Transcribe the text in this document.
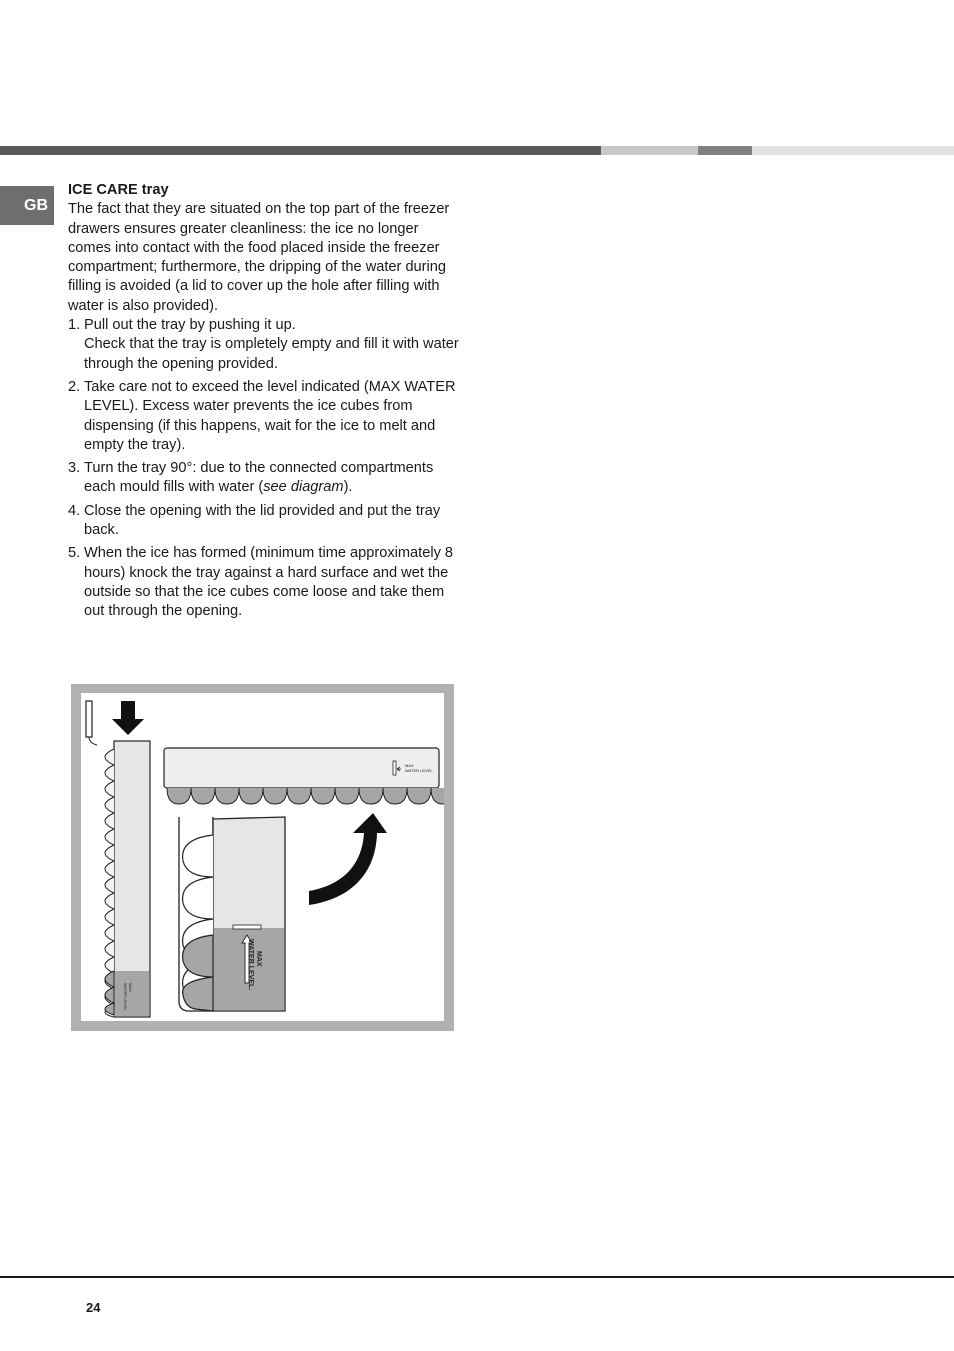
GB
ICE CARE tray

The fact that they are situated on the top part of the freezer drawers ensures greater cleanliness: the ice no longer comes into contact with the food placed inside the freezer compartment; furthermore, the dripping of the water during filling is avoided (a lid to cover up the hole after filling with water is also provided).

1. Pull out the tray by pushing it up.
Check that the tray is ompletely empty and fill it with water through the opening provided.
2. Take care not to exceed the level indicated (MAX WATER LEVEL). Excess water prevents the ice cubes from dispensing (if this happens, wait for the ice to melt and empty the tray).
3. Turn the tray 90°: due to the connected compartments each mould fills with water (see diagram).
4. Close the opening with the lid provided and put the tray back.
5. When the ice has formed (minimum time approximately 8 hours) knock the tray against a hard surface and wet the outside so that the ice cubes come loose and take them out through the opening.
MAX
WATER LEVEL
MAX
WATER LEVEL.
MAX
WATER LEVEL.
24
